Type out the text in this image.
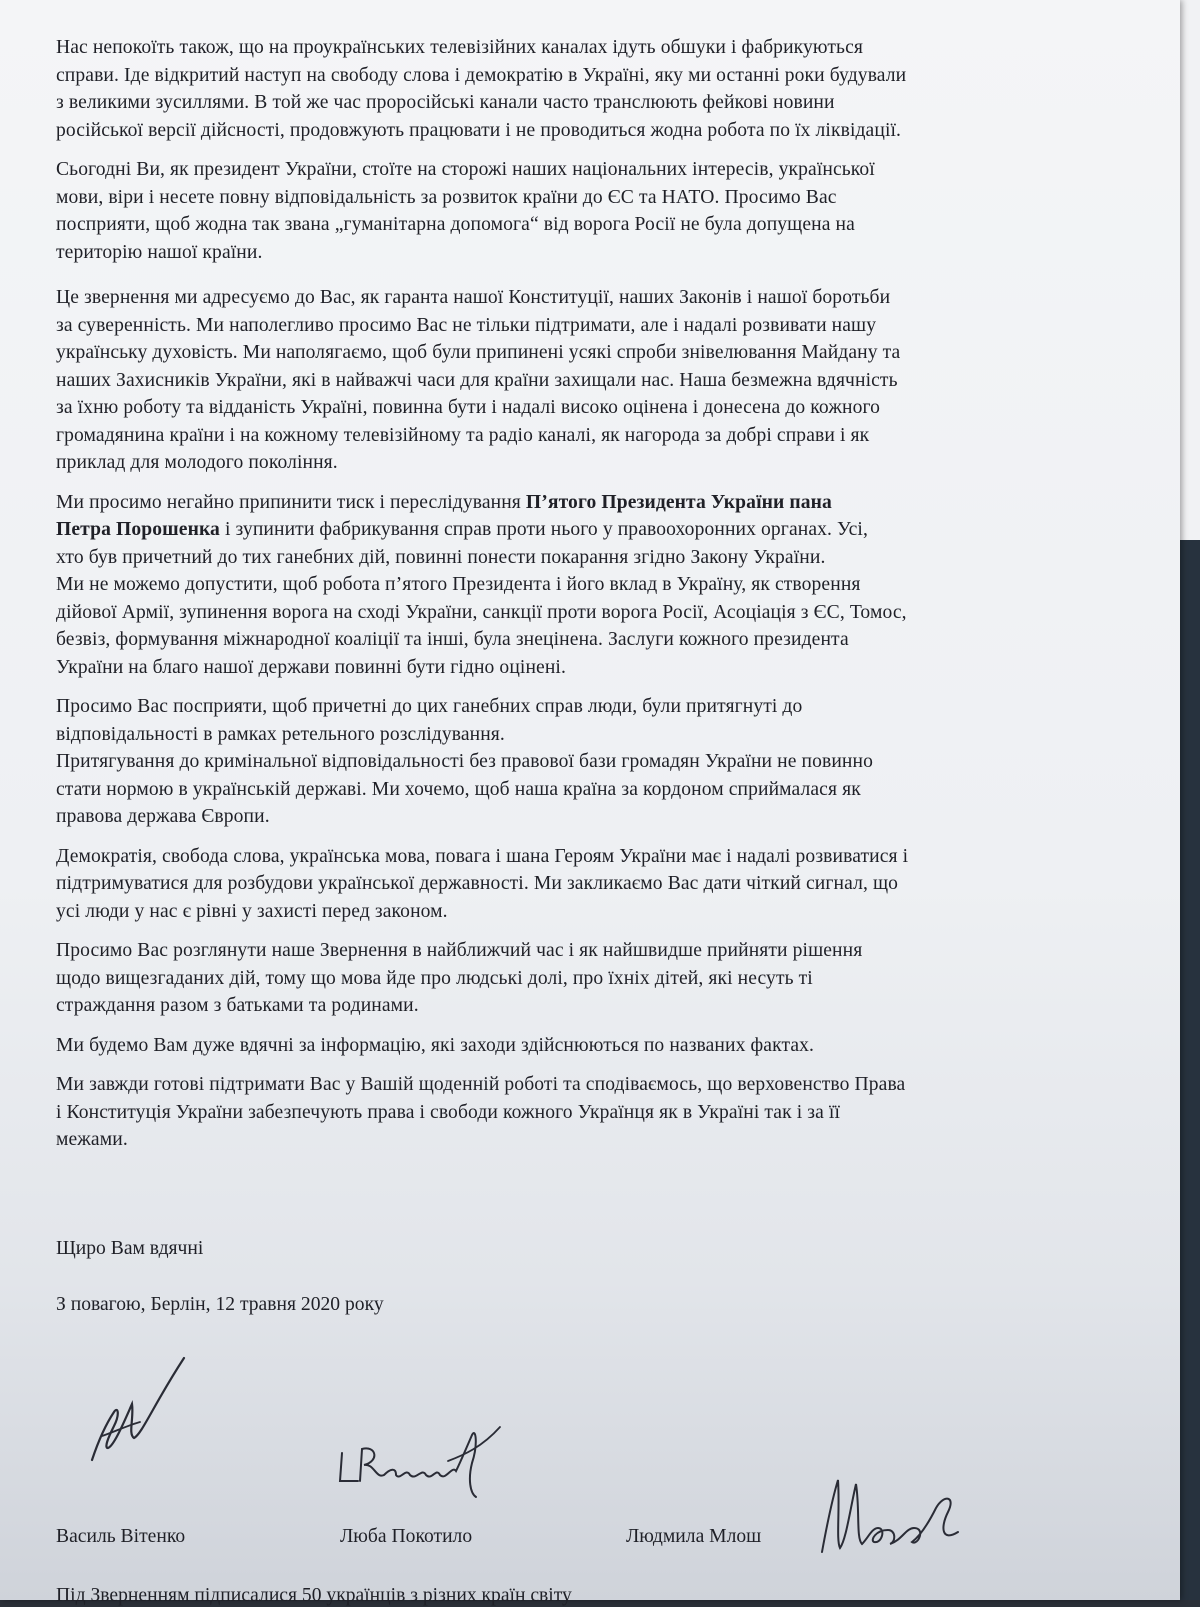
Нас непокоїть також, що на проукраїнських телевізійних каналах ідуть обшуки і фабрикуються
справи. Іде відкритий наступ на свободу слова і демократію в Україні, яку ми останні роки будували
з великими зусиллями. В той же час проросійські канали часто транслюють фейкові новини
російської версії дійсності, продовжують працювати і не проводиться жодна робота по їх ліквідації.

Сьогодні Ви, як президент України, стоїте на сторожі наших національних інтересів, української
мови, віри і несете повну відповідальність за розвиток країни до ЄС та НАТО. Просимо Вас
посприяти, щоб жодна так звана „гуманітарна допомога“ від ворога Росії не була допущена на
територію нашої країни.

Це звернення ми адресуємо до Вас, як гаранта нашої Конституції, наших Законів і нашої боротьби
за суверенність. Ми наполегливо просимо Вас не тільки підтримати, але і надалі розвивати нашу
українську духовість. Ми наполягаємо, щоб були припинені усякі спроби знівелювання Майдану та
наших Захисників України, які в найважчі часи для країни захищали нас. Наша безмежна вдячність
за їхню роботу та відданість Україні, повинна бути і надалі високо оцінена і донесена до кожного
громадянина країни і на кожному телевізійному та радіо каналі, як нагорода за добрі справи і як
приклад для молодого покоління.

Ми просимо негайно припинити тиск і переслідування П’ятого Президента України пана
Петра Порошенка і зупинити фабрикування справ проти нього у правоохоронних органах. Усі,
хто був причетний до тих ганебних дій, повинні понести покарання згідно Закону України.
Ми не можемо допустити, щоб робота п’ятого Президента і його вклад в Україну, як створення
дійової Армії, зупинення ворога на сході України, санкції проти ворога Росії, Асоціація з ЄС, Томос,
безвіз, формування міжнародної коаліції та інші, була знецінена. Заслуги кожного президента
України на благо нашої держави повинні бути гідно оцінені.

Просимо Вас посприяти, щоб причетні до цих ганебних справ люди, були притягнуті до
відповідальності в рамках ретельного розслідування.
Притягування до кримінальної відповідальності без правової бази громадян України не повинно
стати нормою в українській державі. Ми хочемо, щоб наша країна за кордоном сприймалася як
правова держава Європи.

Демократія, свобода слова, українська мова, повага і шана Героям України має і надалі розвиватися і
підтримуватися для розбудови української державності. Ми закликаємо Вас дати чіткий сигнал, що
усі люди у нас є рівні у захисті перед законом.

Просимо Вас розглянути наше Звернення в найближчий час і як найшвидше прийняти рішення
щодо вищезгаданих дій, тому що мова йде про людські долі, про їхніх дітей, які несуть ті
страждання разом з батьками та родинами.

Ми будемо Вам дуже вдячні за інформацію, які заходи здійснюються по названих фактах.

Ми завжди готові підтримати Вас у Вашій щоденній роботі та сподіваємось, що верховенство Права
і Конституція України забезпечують права і свободи кожного Українця як в Україні так і за її
межами.

Щиро Вам вдячні
З повагою, Берлін, 12 травня 2020 року
Василь Вітенко	Люба Покотило	Людмила Млош
Під Зверненням підписалися 50 українців з різних країн світу
